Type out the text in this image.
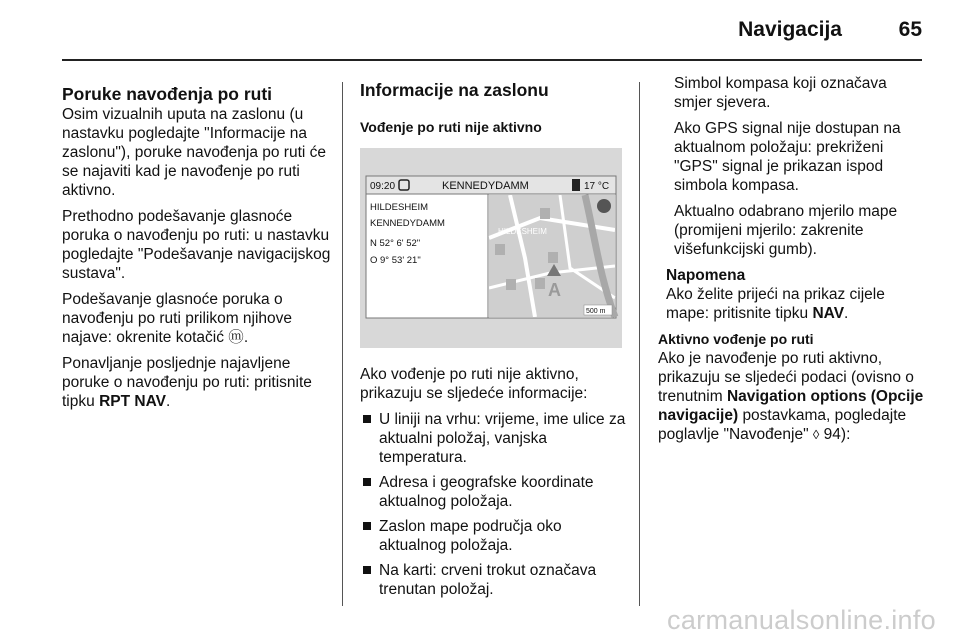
Navigacija	65
Poruke navođenja po ruti

Osim vizualnih uputa na zaslonu (u nastavku pogledajte "Informacije na zaslonu"), poruke navođenja po ruti će se najaviti kad je navođenje po ruti aktivno.

Prethodno podešavanje glasnoće poruka o navođenju po ruti: u nastavku pogledajte "Podešavanje navigacijskog sustava".

Podešavanje glasnoće poruka o navođenju po ruti prilikom njihove najave: okrenite kotačić ⓜ.

Ponavljanje posljednje najavljene poruke o navođenju po ruti: pritisnite tipku RPT NAV.

Informacije na zaslonu
Vođenje po ruti nije aktivno
09:20	KENNEDYDAMM	17 °C
HILDESHEIM
KENNEDYDAMM
N 52° 6' 52"
O 9° 53' 21"
HILDESHEIM
A
500 m

Ako vođenje po ruti nije aktivno, prikazuju se sljedeće informacije:

U liniji na vrhu: vrijeme, ime ulice za aktualni položaj, vanjska temperatura.
Adresa i geografske koordinate aktualnog položaja.
Zaslon mape područja oko aktualnog položaja.
Na karti: crveni trokut označava trenutan položaj.

Simbol kompasa koji označava smjer sjevera.

Ako GPS signal nije dostupan na aktualnom položaju: prekriženi "GPS" signal je prikazan ispod simbola kompasa.

Aktualno odabrano mjerilo mape (promijeni mjerilo: zakrenite višefunkcijski gumb).

Napomena
Ako želite prijeći na prikaz cijele mape: pritisnite tipku NAV.
Aktivno vođenje po ruti

Ako je navođenje po ruti aktivno, prikazuju se sljedeći podaci (ovisno o trenutnim Navigation options (Opcije navigacije) postavkama, pogledajte poglavlje "Navođenje" ◊ 94):

carmanualsonline.info
